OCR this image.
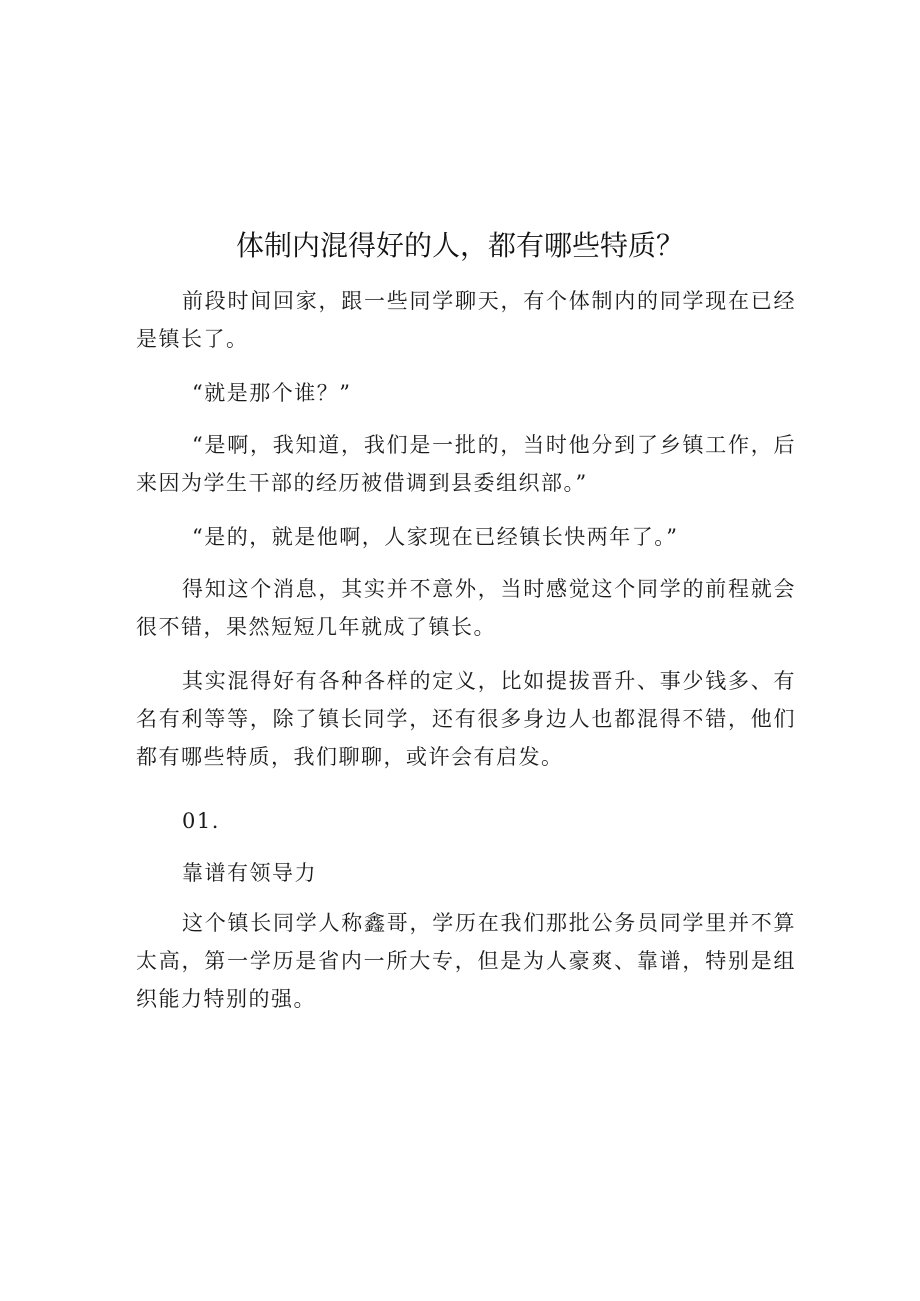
体制内混得好的人，都有哪些特质？

前段时间回家，跟一些同学聊天，有个体制内的同学现在已经是镇长了。

“就是那个谁？”

“是啊，我知道，我们是一批的，当时他分到了乡镇工作，后来因为学生干部的经历被借调到县委组织部。”

“是的，就是他啊，人家现在已经镇长快两年了。”

得知这个消息，其实并不意外，当时感觉这个同学的前程就会很不错，果然短短几年就成了镇长。

其实混得好有各种各样的定义，比如提拔晋升、事少钱多、有名有利等等，除了镇长同学，还有很多身边人也都混得不错，他们都有哪些特质，我们聊聊，或许会有启发。

01.

靠谱有领导力

这个镇长同学人称鑫哥，学历在我们那批公务员同学里并不算太高，第一学历是省内一所大专，但是为人豪爽、靠谱，特别是组织能力特别的强。
